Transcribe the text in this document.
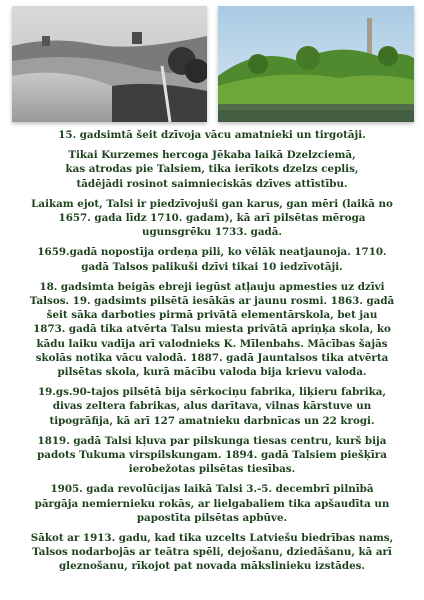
15. gadsimtā šeit dzīvoja vācu amatnieki un tirgotāji.

Tikai Kurzemes hercoga Jēkaba laikā Dzelzciemā,
kas atrodas pie Talsiem, tika ierīkots dzelzs ceplis,
tādējādi rosinot saimnieciskās dzīves attīstību.

Laikam ejot, Talsi ir piedzīvojuši gan karus, gan mēri (laikā no
1657. gada līdz 1710. gadam), kā arī pilsētas mēroga
ugunsgrēku 1733. gadā.

1659.gadā nopostīja ordeņa pili, ko vēlāk neatjaunoja. 1710.
gadā Talsos palikuši dzīvi tikai 10 iedzīvotāji.

18. gadsimta beigās ebreji iegūst atļauju apmesties uz dzīvi
Talsos. 19. gadsimts pilsētā iesākās ar jaunu rosmi. 1863. gadā
šeit sāka darboties pirmā privātā elementārskola, bet jau
1873. gadā tika atvērta Talsu miesta privātā apriņķa skola, ko
kādu laiku vadīja arī valodnieks K. Mīlenbahs. Mācības šajās
skolās notika vācu valodā. 1887. gadā Jauntalsos tika atvērta
pilsētas skola, kurā mācību valoda bija krievu valoda.

19.gs.90-tajos pilsētā bija sērkociņu fabrika, liķieru fabrika,
divas zeltera fabrikas, alus darītava, vilnas kārstuve un
tipogrāfija, kā arī 127 amatnieku darbnīcas un 22 krogi.

1819. gadā Talsi kļuva par pilskunga tiesas centru, kurš bija
padots Tukuma virspilskungam. 1894. gadā Talsiem piešķīra
ierobežotas pilsētas tiesības.

1905. gada revolūcijas laikā Talsi 3.-5. decembrī pilnībā
pārgāja nemiernieku rokās, ar lielgabaliem tika apšaudīta un
papostīta pilsētas apbūve.

Sākot ar 1913. gadu, kad tika uzcelts Latviešu biedrības nams,
Talsos nodarbojās ar teātra spēli, dejošanu, dziedāšanu, kā arī
gleznošanu, rīkojot pat novada mākslinieku izstādes.
